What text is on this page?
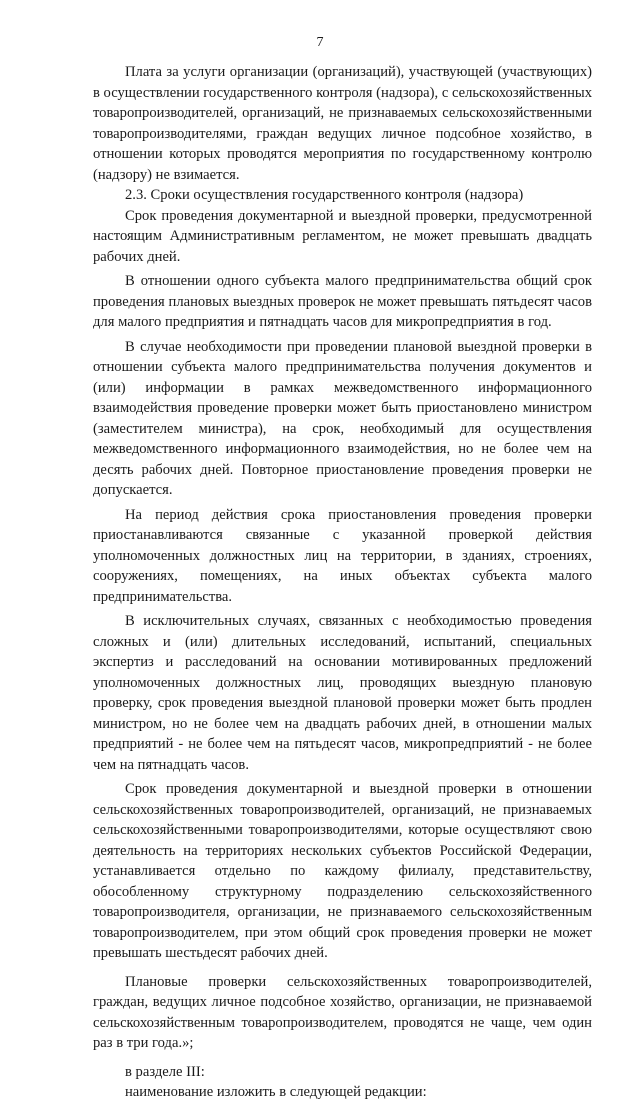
7

Плата за услуги организации (организаций), участвующей (участвующих) в осуществлении государственного контроля (надзора), с сельскохозяйственных товаропроизводителей, организаций, не признаваемых сельскохозяйственными товаропроизводителями, граждан ведущих личное подсобное хозяйство, в отношении которых проводятся мероприятия по государственному контролю (надзору) не взимается.

2.3. Сроки осуществления государственного контроля (надзора)

Срок проведения документарной и выездной проверки, предусмотренной настоящим Административным регламентом, не может превышать двадцать рабочих дней.

В отношении одного субъекта малого предпринимательства общий срок проведения плановых выездных проверок не может превышать пятьдесят часов для малого предприятия и пятнадцать часов для микропредприятия в год.

В случае необходимости при проведении плановой выездной проверки в отношении субъекта малого предпринимательства получения документов и (или) информации в рамках межведомственного информационного взаимодействия проведение проверки может быть приостановлено министром (заместителем министра), на срок, необходимый для осуществления межведомственного информационного взаимодействия, но не более чем на десять рабочих дней. Повторное приостановление проведения проверки не допускается.

На период действия срока приостановления проведения проверки приостанавливаются связанные с указанной проверкой действия уполномоченных должностных лиц на территории, в зданиях, строениях, сооружениях, помещениях, на иных объектах субъекта малого предпринимательства.

В исключительных случаях, связанных с необходимостью проведения сложных и (или) длительных исследований, испытаний, специальных экспертиз и расследований на основании мотивированных предложений уполномоченных должностных лиц, проводящих выездную плановую проверку, срок проведения выездной плановой проверки может быть продлен министром, но не более чем на двадцать рабочих дней, в отношении малых предприятий - не более чем на пятьдесят часов, микропредприятий - не более чем на пятнадцать часов.

Срок проведения документарной и выездной проверки в отношении сельскохозяйственных товаропроизводителей, организаций, не признаваемых сельскохозяйственными товаропроизводителями, которые осуществляют свою деятельность на территориях нескольких субъектов Российской Федерации, устанавливается отдельно по каждому филиалу, представительству, обособленному структурному подразделению сельскохозяйственного товаропроизводителя, организации, не признаваемого сельскохозяйственным товаропроизводителем, при этом общий срок проведения проверки не может превышать шестьдесят рабочих дней.

Плановые проверки сельскохозяйственных товаропроизводителей, граждан, ведущих личное подсобное хозяйство, организации, не признаваемой сельскохозяйственным товаропроизводителем, проводятся не чаще, чем один раз в три года.»;

в разделе III:

наименование изложить в следующей редакции:
